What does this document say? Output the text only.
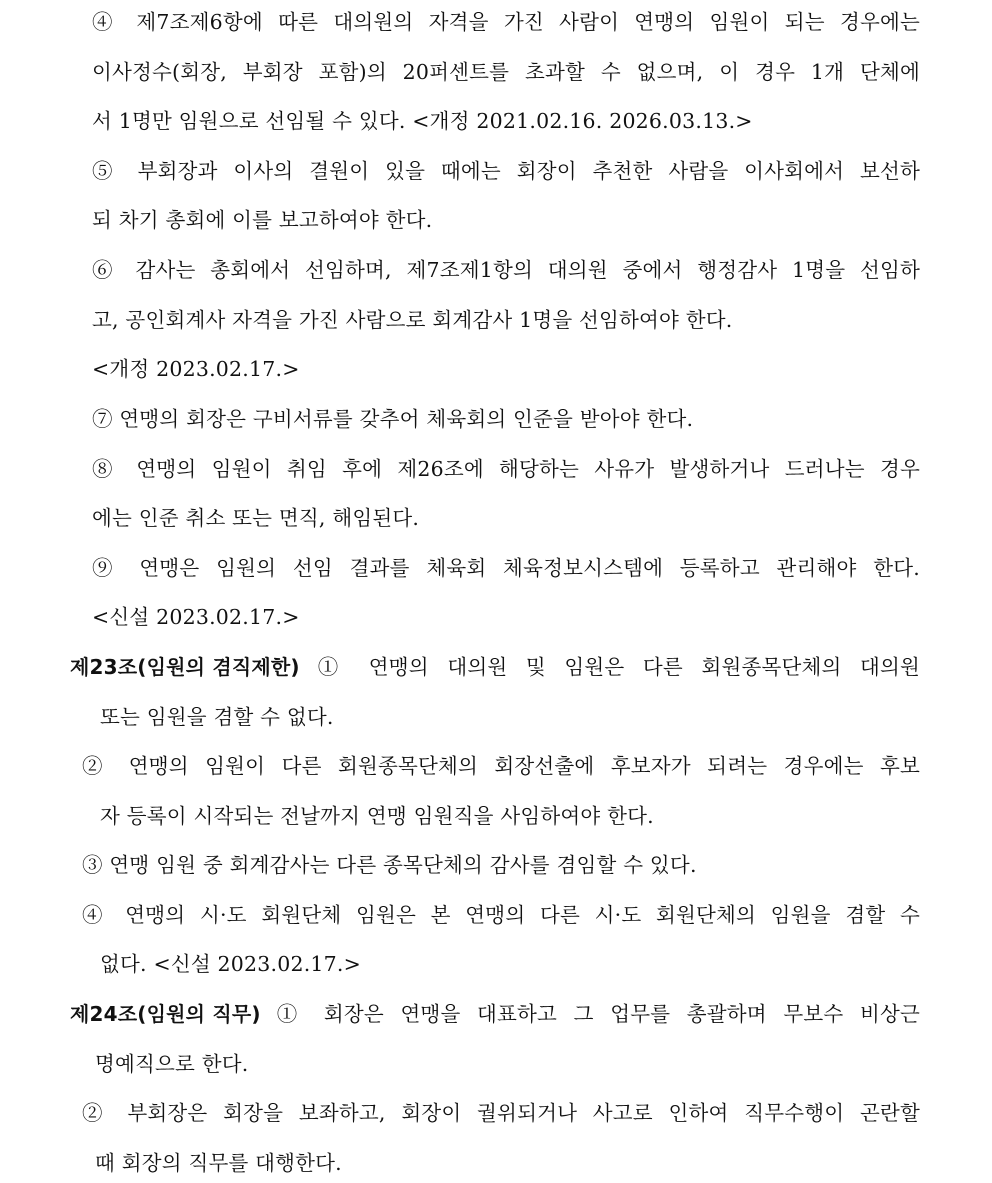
④ 제7조제6항에 따른 대의원의 자격을 가진 사람이 연맹의 임원이 되는 경우에는
이사정수(회장, 부회장 포함)의 20퍼센트를 초과할 수 없으며, 이 경우 1개 단체에
서 1명만 임원으로 선임될 수 있다. <개정 2021.02.16. 2026.03.13.>
⑤ 부회장과 이사의 결원이 있을 때에는 회장이 추천한 사람을 이사회에서 보선하
되 차기 총회에 이를 보고하여야 한다.
⑥ 감사는 총회에서 선임하며, 제7조제1항의 대의원 중에서 행정감사 1명을 선임하
고, 공인회계사 자격을 가진 사람으로 회계감사 1명을 선임하여야 한다.
<개정 2023.02.17.>
⑦ 연맹의 회장은 구비서류를 갖추어 체육회의 인준을 받아야 한다.
⑧ 연맹의 임원이 취임 후에 제26조에 해당하는 사유가 발생하거나 드러나는 경우
에는 인준 취소 또는 면직, 해임된다.
⑨ 연맹은 임원의 선임 결과를 체육회 체육정보시스템에 등록하고 관리해야 한다.
<신설 2023.02.17.>
제23조(임원의 겸직제한) ① 연맹의 대의원 및 임원은 다른 회원종목단체의 대의원
또는 임원을 겸할 수 없다.
② 연맹의 임원이 다른 회원종목단체의 회장선출에 후보자가 되려는 경우에는 후보
자 등록이 시작되는 전날까지 연맹 임원직을 사임하여야 한다.
③ 연맹 임원 중 회계감사는 다른 종목단체의 감사를 겸임할 수 있다.
④ 연맹의 시·도 회원단체 임원은 본 연맹의 다른 시·도 회원단체의 임원을 겸할 수
없다. <신설 2023.02.17.>
제24조(임원의 직무) ① 회장은 연맹을 대표하고 그 업무를 총괄하며 무보수 비상근
명예직으로 한다.
② 부회장은 회장을 보좌하고, 회장이 궐위되거나 사고로 인하여 직무수행이 곤란할
때 회장의 직무를 대행한다.
